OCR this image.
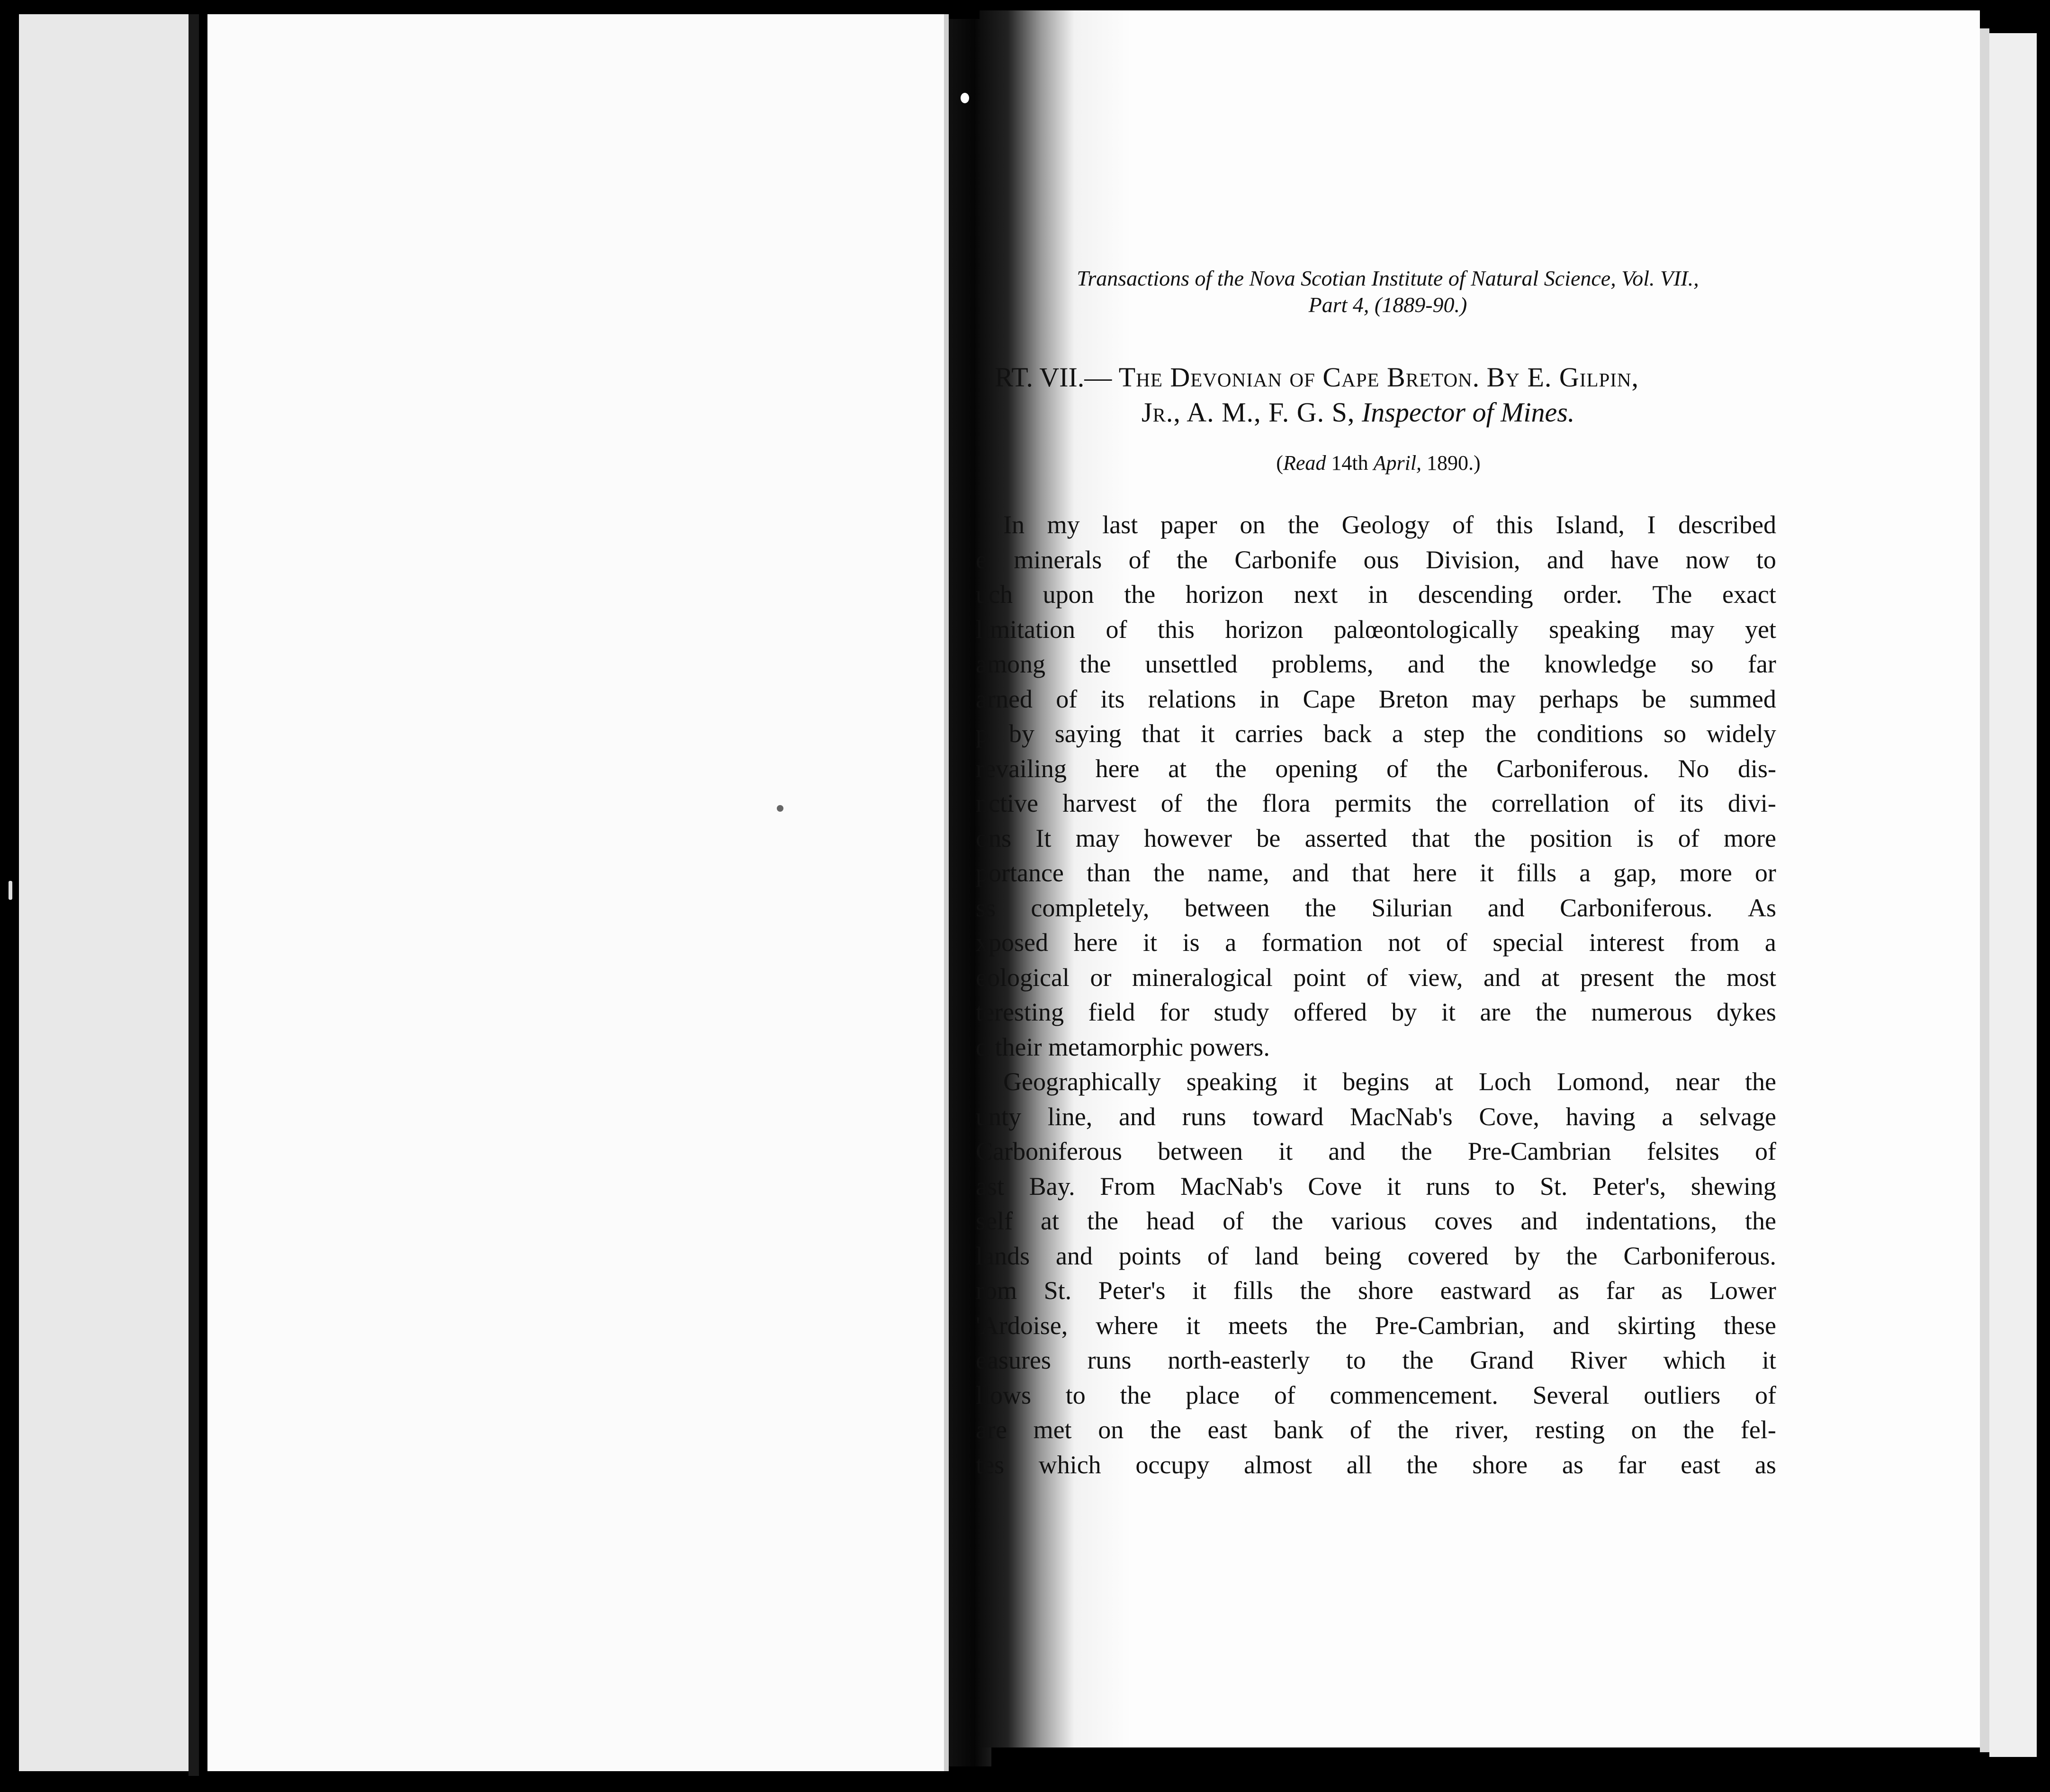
Transactions of the Nova Scotian Institute of Natural Science, Vol. VII.,
Part 4, (1889-90.)
RT. VII.— The Devonian of Cape Breton. By E. Gilpin,
Jr., A. M., F. G. S, Inspector of Mines.
(Read 14th April, 1890.)
In my last paper on the Geology of this Island, I described
e minerals of the Carbonife ous Division, and have now to
uch upon the horizon next in descending order. The exact
limitation of this horizon palœontologically speaking may yet
among the unsettled problems, and the knowledge so far
arned of its relations in Cape Breton may perhaps be summed
p by saying that it carries back a step the conditions so widely
revailing here at the opening of the Carboniferous. No dis-
nctive harvest of the flora permits the correllation of its divi-
ons It may however be asserted that the position is of more
portance than the name, and that here it fills a gap, more or
ss completely, between the Silurian and Carboniferous. As
xposed here it is a formation not of special interest from a
eological or mineralogical point of view, and at present the most
teresting field for study offered by it are the numerous dykes
d their metamorphic powers.
Geographically speaking it begins at Loch Lomond, near the
unty line, and runs toward MacNab's Cove, having a selvage
Carboniferous between it and the Pre-Cambrian felsites of
ast Bay. From MacNab's Cove it runs to St. Peter's, shewing
self at the head of the various coves and indentations, the
lands and points of land being covered by the Carboniferous.
rom St. Peter's it fills the shore eastward as far as Lower
'Ardoise, where it meets the Pre-Cambrian, and skirting these
easures runs north-easterly to the Grand River which it
llows to the place of commencement. Several outliers of
are met on the east bank of the river, resting on the fel-
tes which occupy almost all the shore as far east as
